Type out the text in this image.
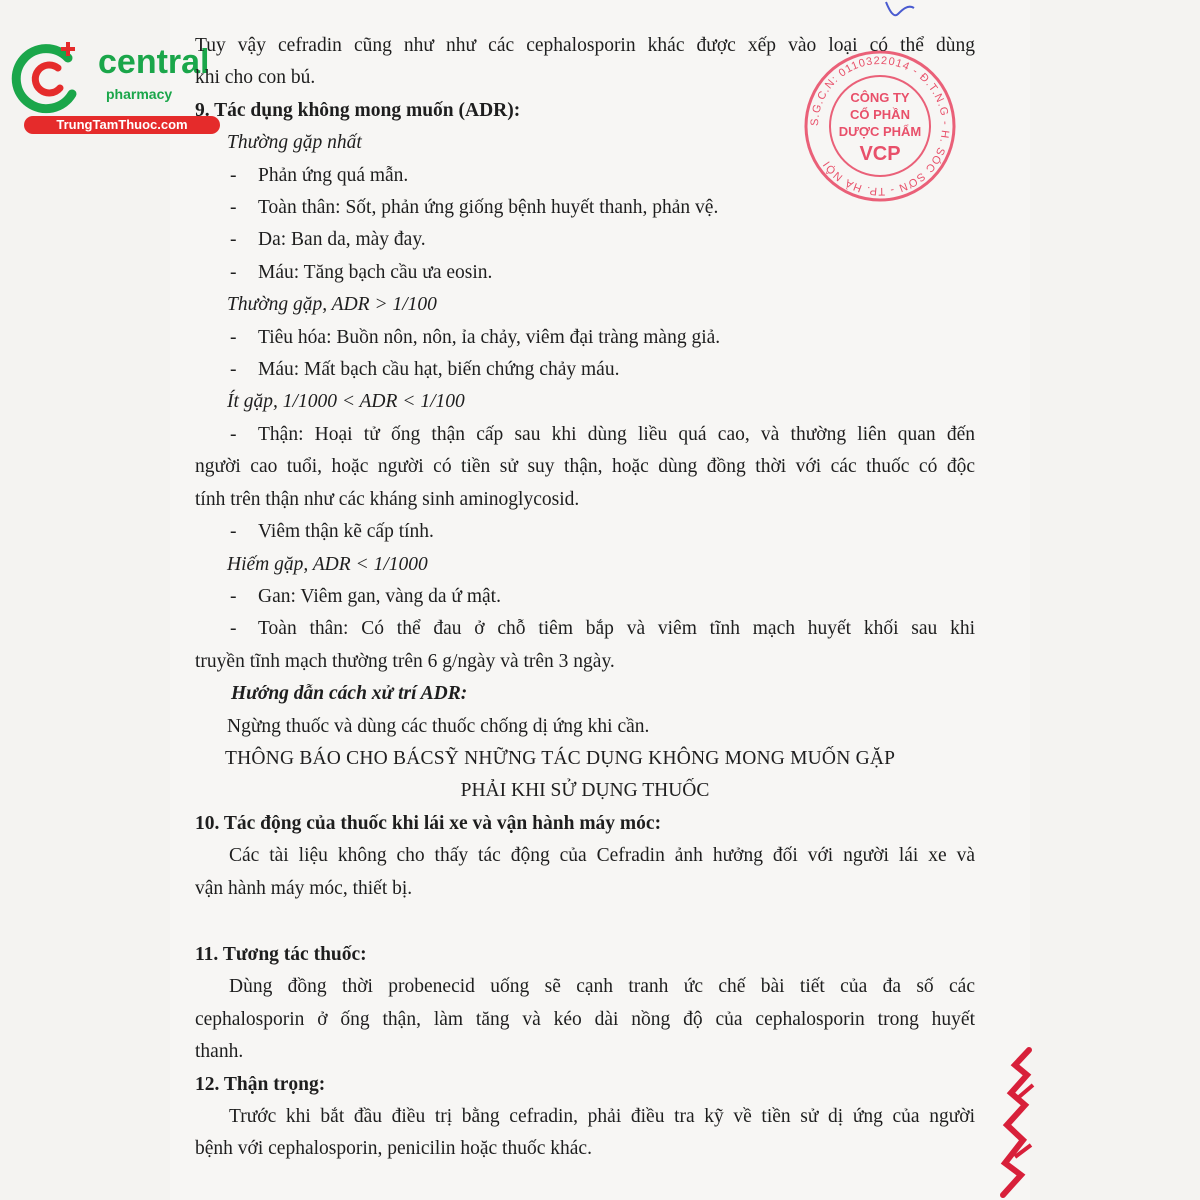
central
pharmacy
TrungTamThuoc.com	S.G.C.N: 0110322014 - Đ.T.N.G - H. SÓC SƠN - TP. HÀ NỘI
CÔNG TY
CỔ PHẦN
DƯỢC PHẨM
VCP

Tuy vậy cefradin cũng như như các cephalosporin khác được xếp vào loại có thể dùng

khi cho con bú.

9. Tác dụng không mong muốn (ADR):

Thường gặp nhất

- Phản ứng quá mẫn.

- Toàn thân: Sốt, phản ứng giống bệnh huyết thanh, phản vệ.

- Da: Ban da, mày đay.

- Máu: Tăng bạch cầu ưa eosin.

Thường gặp, ADR > 1/100

- Tiêu hóa: Buồn nôn, nôn, ỉa chảy, viêm đại tràng màng giả.

- Máu: Mất bạch cầu hạt, biến chứng chảy máu.

Ít gặp, 1/1000 < ADR < 1/100

- Thận: Hoại tử ống thận cấp sau khi dùng liều quá cao, và thường liên quan đến

người cao tuổi, hoặc người có tiền sử suy thận, hoặc dùng đồng thời với các thuốc có độc

tính trên thận như các kháng sinh aminoglycosid.

- Viêm thận kẽ cấp tính.

Hiếm gặp, ADR < 1/1000

- Gan: Viêm gan, vàng da ứ mật.

- Toàn thân: Có thể đau ở chỗ tiêm bắp và viêm tĩnh mạch huyết khối sau khi

truyền tĩnh mạch thường trên 6 g/ngày và trên 3 ngày.

Hướng dẫn cách xử trí ADR:

Ngừng thuốc và dùng các thuốc chống dị ứng khi cần.

THÔNG BÁO CHO BÁCSỸ NHỮNG TÁC DỤNG KHÔNG MONG MUỐN GẶP

PHẢI KHI SỬ DỤNG THUỐC

10. Tác động của thuốc khi lái xe và vận hành máy móc:

Các tài liệu không cho thấy tác động của Cefradin ảnh hưởng đối với người lái xe và

vận hành máy móc, thiết bị.

11. Tương tác thuốc:

Dùng đồng thời probenecid uống sẽ cạnh tranh ức chế bài tiết của đa số các

cephalosporin ở ống thận, làm tăng và kéo dài nồng độ của cephalosporin trong huyết

thanh.

12. Thận trọng:

Trước khi bắt đầu điều trị bằng cefradin, phải điều tra kỹ về tiền sử dị ứng của người

bệnh với cephalosporin, penicilin hoặc thuốc khác.
